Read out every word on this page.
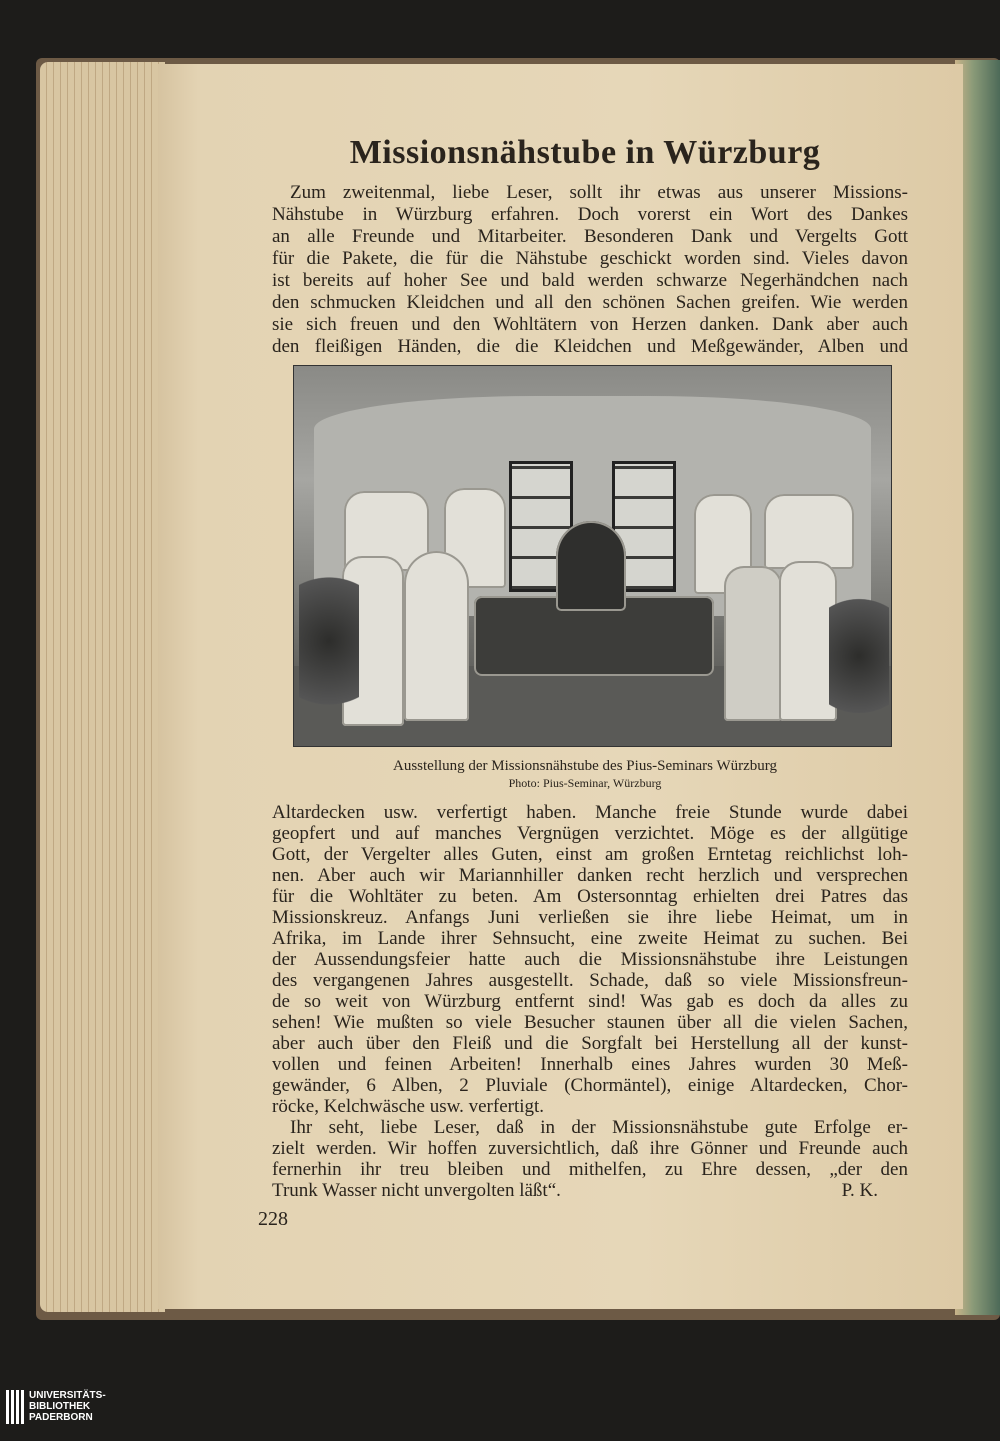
Missionsnähstube in Würzburg
Zum zweitenmal, liebe Leser, sollt ihr etwas aus unserer Missions-
Nähstube in Würzburg erfahren. Doch vorerst ein Wort des Dankes
an alle Freunde und Mitarbeiter. Besonderen Dank und Vergelts Gott
für die Pakete, die für die Nähstube geschickt worden sind. Vieles davon
ist bereits auf hoher See und bald werden schwarze Negerhändchen nach
den schmucken Kleidchen und all den schönen Sachen greifen. Wie werden
sie sich freuen und den Wohltätern von Herzen danken. Dank aber auch
den fleißigen Händen, die die Kleidchen und Meßgewänder, Alben und
Ausstellung der Missionsnähstube des Pius-Seminars Würzburg
Photo: Pius-Seminar, Würzburg
Altardecken usw. verfertigt haben. Manche freie Stunde wurde dabei
geopfert und auf manches Vergnügen verzichtet. Möge es der allgütige
Gott, der Vergelter alles Guten, einst am großen Erntetag reichlichst loh-
nen. Aber auch wir Mariannhiller danken recht herzlich und versprechen
für die Wohltäter zu beten. Am Ostersonntag erhielten drei Patres das
Missionskreuz. Anfangs Juni verließen sie ihre liebe Heimat, um in
Afrika, im Lande ihrer Sehnsucht, eine zweite Heimat zu suchen. Bei
der Aussendungsfeier hatte auch die Missionsnähstube ihre Leistungen
des vergangenen Jahres ausgestellt. Schade, daß so viele Missionsfreun-
de so weit von Würzburg entfernt sind! Was gab es doch da alles zu
sehen! Wie mußten so viele Besucher staunen über all die vielen Sachen,
aber auch über den Fleiß und die Sorgfalt bei Herstellung all der kunst-
vollen und feinen Arbeiten! Innerhalb eines Jahres wurden 30 Meß-
gewänder, 6 Alben, 2 Pluviale (Chormäntel), einige Altardecken, Chor-
röcke, Kelchwäsche usw. verfertigt.
Ihr seht, liebe Leser, daß in der Missionsnähstube gute Erfolge er-
zielt werden. Wir hoffen zuversichtlich, daß ihre Gönner und Freunde auch
fernerhin ihr treu bleiben und mithelfen, zu Ehre dessen, „der den
Trunk Wasser nicht unvergolten läßt“.	P. K.
228
UNIVERSITÄTS-
BIBLIOTHEK
PADERBORN
